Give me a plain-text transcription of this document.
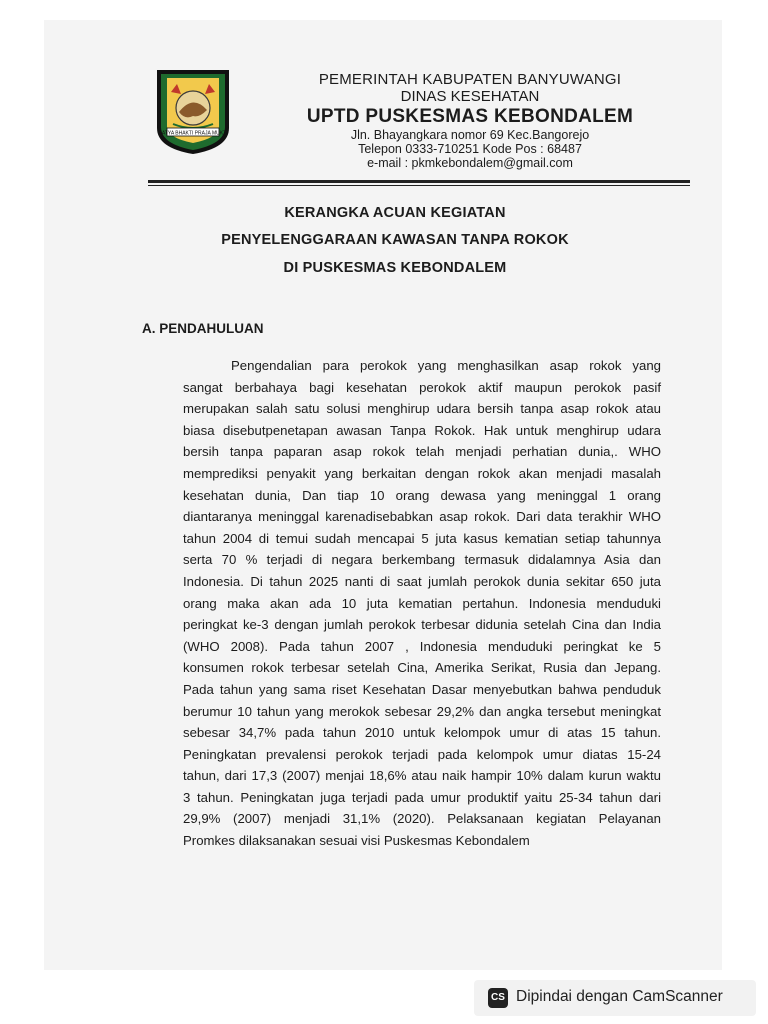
SATYA BHAKTI PRAJA MUKTI
PEMERINTAH KABUPATEN BANYUWANGI
DINAS KESEHATAN
UPTD PUSKESMAS KEBONDALEM
Jln. Bhayangkara nomor 69 Kec.Bangorejo
Telepon 0333-710251 Kode Pos : 68487
e-mail : pkmkebondalem@gmail.com
KERANGKA ACUAN KEGIATAN
PENYELENGGARAAN KAWASAN TANPA ROKOK
DI PUSKESMAS KEBONDALEM
A. PENDAHULUAN
Pengendalian para perokok yang menghasilkan asap rokok yang
sangat berbahaya bagi kesehatan perokok aktif maupun perokok pasif
merupakan salah satu solusi menghirup udara bersih tanpa asap rokok atau
biasa disebutpenetapan awasan Tanpa Rokok. Hak untuk menghirup udara
bersih tanpa paparan asap rokok telah menjadi perhatian dunia,. WHO
memprediksi penyakit yang berkaitan dengan rokok akan menjadi masalah
kesehatan dunia, Dan tiap 10 orang dewasa yang meninggal 1 orang
diantaranya meninggal karenadisebabkan asap rokok. Dari data terakhir WHO
tahun 2004 di temui sudah mencapai 5 juta kasus kematian setiap tahunnya
serta 70 % terjadi di negara berkembang termasuk didalamnya Asia dan
Indonesia. Di tahun 2025 nanti di saat jumlah perokok dunia sekitar 650 juta
orang maka akan ada 10 juta kematian pertahun. Indonesia menduduki
peringkat ke-3 dengan jumlah perokok terbesar didunia setelah Cina dan India
(WHO 2008). Pada tahun 2007 , Indonesia menduduki peringkat ke 5
konsumen rokok terbesar setelah Cina, Amerika Serikat, Rusia dan Jepang.
Pada tahun yang sama riset Kesehatan Dasar menyebutkan bahwa penduduk
berumur 10 tahun yang merokok sebesar 29,2% dan angka tersebut meningkat
sebesar 34,7% pada tahun 2010 untuk kelompok umur di atas 15 tahun.
Peningkatan prevalensi perokok terjadi pada kelompok umur diatas 15-24
tahun, dari 17,3 (2007) menjai 18,6% atau naik hampir 10% dalam kurun waktu
3 tahun. Peningkatan juga terjadi pada umur produktif yaitu 25-34 tahun dari
29,9% (2007) menjadi 31,1% (2020). Pelaksanaan kegiatan Pelayanan
Promkes dilaksanakan sesuai visi Puskesmas Kebondalem
CS Dipindai dengan CamScanner
